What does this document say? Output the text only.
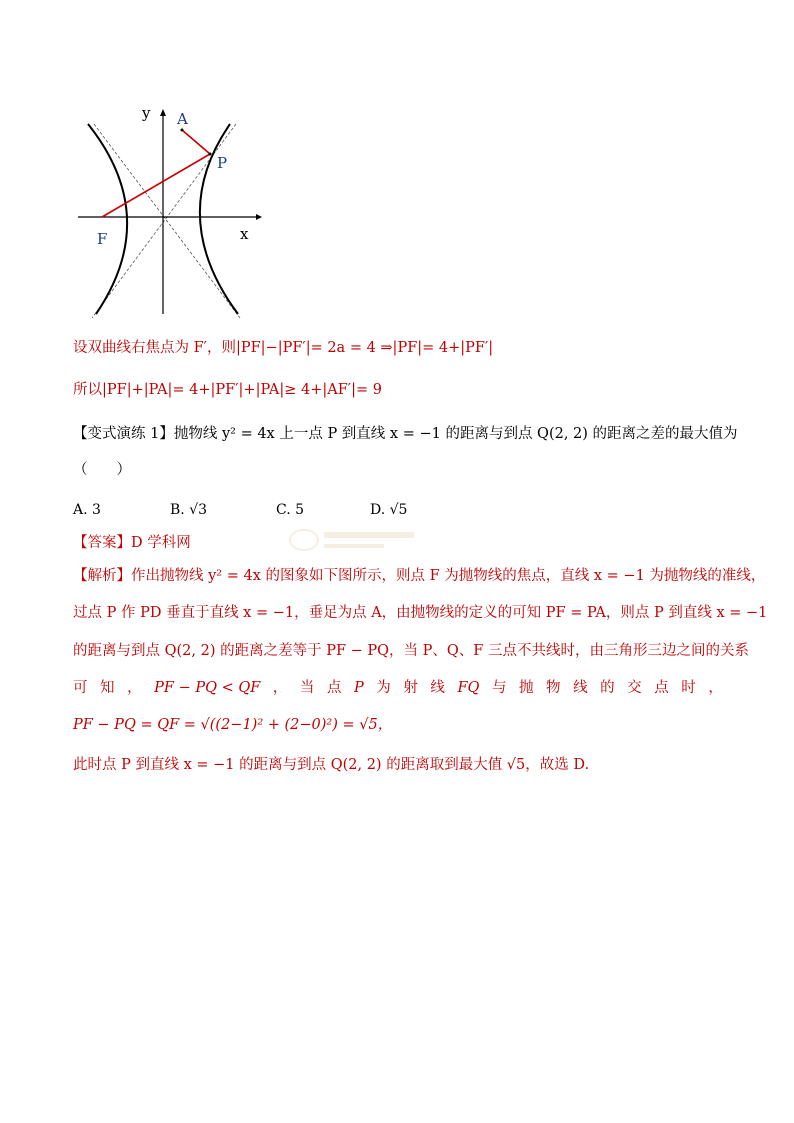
y
x
A
P
F
设双曲线右焦点为 F′，则|PF|−|PF′|= 2a = 4 ⇒|PF|= 4+|PF′|
所以|PF|+|PA|= 4+|PF′|+|PA|≥ 4+|AF′|= 9
【变式演练 1】抛物线 y² = 4x 上一点 P 到直线 x = −1 的距离与到点 Q(2, 2) 的距离之差的最大值为
（　　）
A. 3	B. √3	C. 5	D. √5
【答案】D 学科网
【解析】作出抛物线 y² = 4x 的图象如下图所示，则点 F 为抛物线的焦点，直线 x = −1 为抛物线的准线，
过点 P 作 PD 垂直于直线 x = −1，垂足为点 A，由抛物线的定义的可知 PF = PA，则点 P 到直线 x = −1
的距离与到点 Q(2, 2) 的距离之差等于 PF − PQ，当 P、Q、F 三点不共线时，由三角形三边之间的关系
可 知 ， PF − PQ < QF ， 当 点 P 为 射 线 FQ 与 抛 物 线 的 交 点 时 ，
PF − PQ = QF = √((2−1)² + (2−0)²) = √5，
此时点 P 到直线 x = −1 的距离与到点 Q(2, 2) 的距离取到最大值 √5，故选 D.
